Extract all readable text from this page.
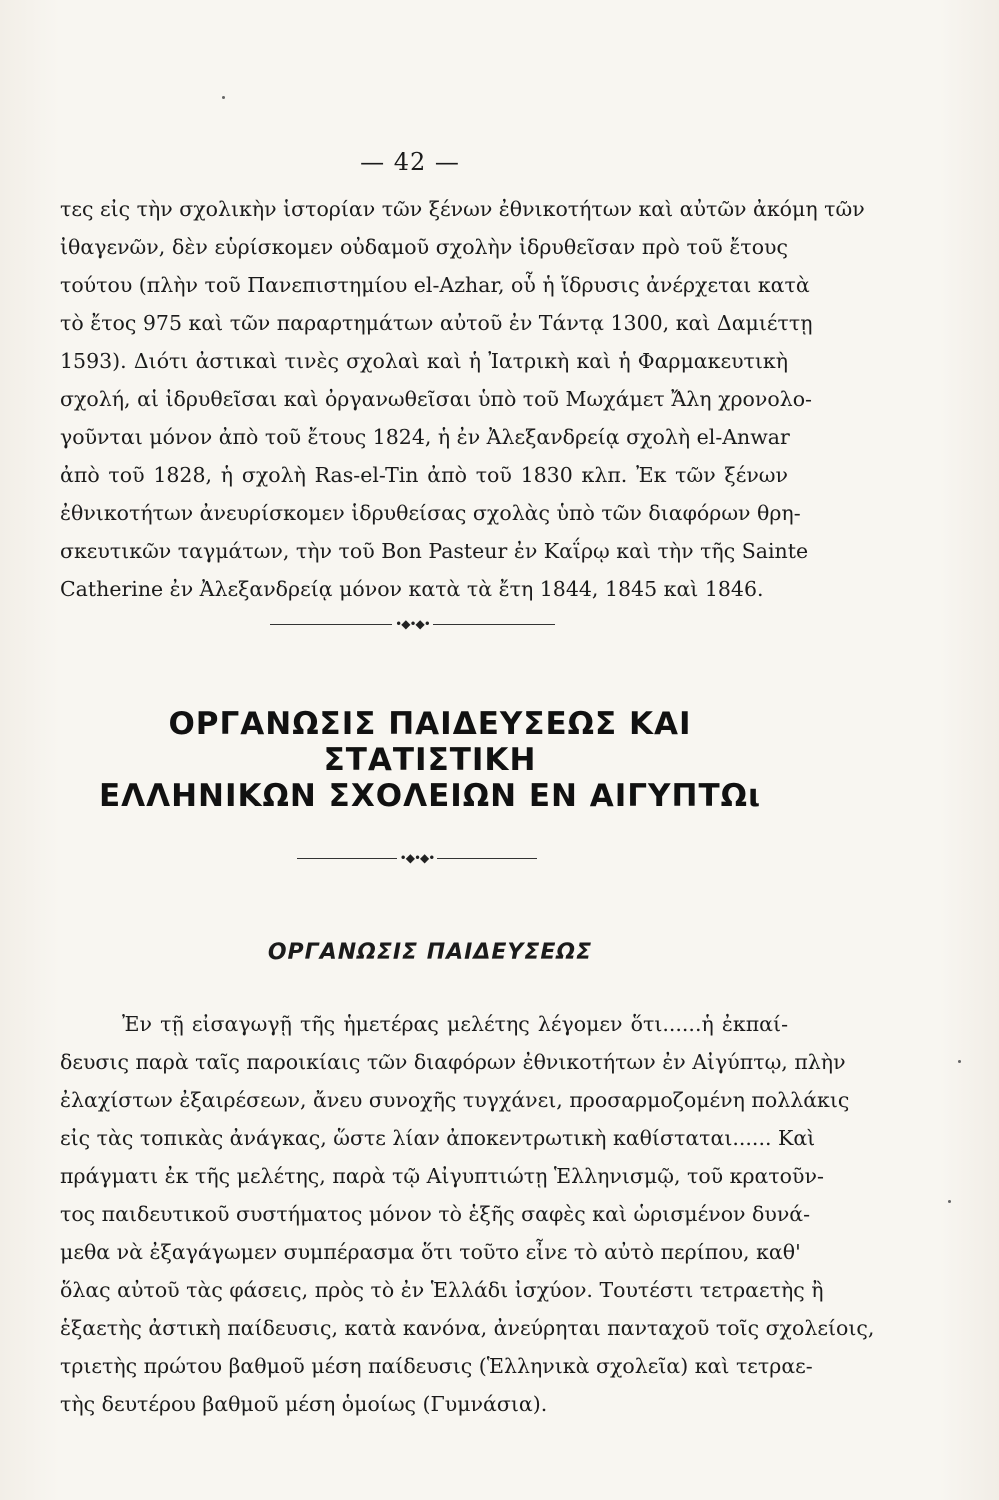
— 42 —
τες εἰς τὴν σχολικὴν ἱστορίαν τῶν ξένων ἐθνικοτήτων καὶ αὐτῶν ἀκόμη τῶν
ἰθαγενῶν, δὲν εὑρίσκομεν οὐδαμοῦ σχολὴν ἱδρυθεῖσαν πρὸ τοῦ ἔτους
τούτου (πλὴν τοῦ Πανεπιστημίου el-Azhar, οὗ ἡ ἵδρυσις ἀνέρχεται κατὰ
τὸ ἔτος 975 καὶ τῶν παραρτημάτων αὐτοῦ ἐν Τάντᾳ 1300, καὶ Δαμιέττῃ
1593). Διότι ἀστικαὶ τινὲς σχολαὶ καὶ ἡ Ἰατρικὴ καὶ ἡ Φαρμακευτικὴ
σχολή, αἱ ἱδρυθεῖσαι καὶ ὀργανωθεῖσαι ὑπὸ τοῦ Μωχάμετ Ἄλη χρονολο-
γοῦνται μόνον ἀπὸ τοῦ ἔτους 1824, ἡ ἐν Ἀλεξανδρείᾳ σχολὴ el-Anwar
ἀπὸ τοῦ 1828, ἡ σχολὴ Ras-el-Tin ἀπὸ τοῦ 1830 κλπ. Ἐκ τῶν ξένων
ἐθνικοτήτων ἀνευρίσκομεν ἱδρυθείσας σχολὰς ὑπὸ τῶν διαφόρων θρη-
σκευτικῶν ταγμάτων, τὴν τοῦ Bon Pasteur ἐν Καΐρῳ καὶ τὴν τῆς Sainte
Catherine ἐν Ἀλεξανδρείᾳ μόνον κατὰ τὰ ἔτη 1844, 1845 καὶ 1846.
•◆•◆•
ΟΡΓΑΝΩΣΙΣ ΠΑΙΔΕΥΣΕΩΣ ΚΑΙ ΣΤΑΤΙΣΤΙΚΗ
ΕΛΛΗΝΙΚΩΝ ΣΧΟΛΕΙΩΝ ΕΝ ΑΙΓΥΠΤΩι
•◆•◆•
ΟΡΓΑΝΩΣΙΣ ΠΑΙΔΕΥΣΕΩΣ
Ἐν τῇ εἰσαγωγῇ τῆς ἡμετέρας μελέτης λέγομεν ὅτι......ἡ ἐκπαί-
δευσις παρὰ ταῖς παροικίαις τῶν διαφόρων ἐθνικοτήτων ἐν Αἰγύπτῳ, πλὴν
ἐλαχίστων ἐξαιρέσεων, ἄνευ συνοχῆς τυγχάνει, προσαρμοζομένη πολλάκις
εἰς τὰς τοπικὰς ἀνάγκας, ὥστε λίαν ἀποκεντρωτικὴ καθίσταται...... Καὶ
πράγματι ἐκ τῆς μελέτης, παρὰ τῷ Αἰγυπτιώτῃ Ἑλληνισμῷ, τοῦ κρατοῦν-
τος παιδευτικοῦ συστήματος μόνον τὸ ἑξῆς σαφὲς καὶ ὡρισμένον δυνά-
μεθα νὰ ἐξαγάγωμεν συμπέρασμα ὅτι τοῦτο εἶνε τὸ αὐτὸ περίπου, καθ'
ὅλας αὐτοῦ τὰς φάσεις, πρὸς τὸ ἐν Ἑλλάδι ἰσχύον. Τουτέστι τετραετὴς ἢ
ἑξαετὴς ἀστικὴ παίδευσις, κατὰ κανόνα, ἀνεύρηται πανταχοῦ τοῖς σχολείοις,
τριετὴς πρώτου βαθμοῦ μέση παίδευσις (Ἑλληνικὰ σχολεῖα) καὶ τετραε-
τὴς δευτέρου βαθμοῦ μέση ὁμοίως (Γυμνάσια).
